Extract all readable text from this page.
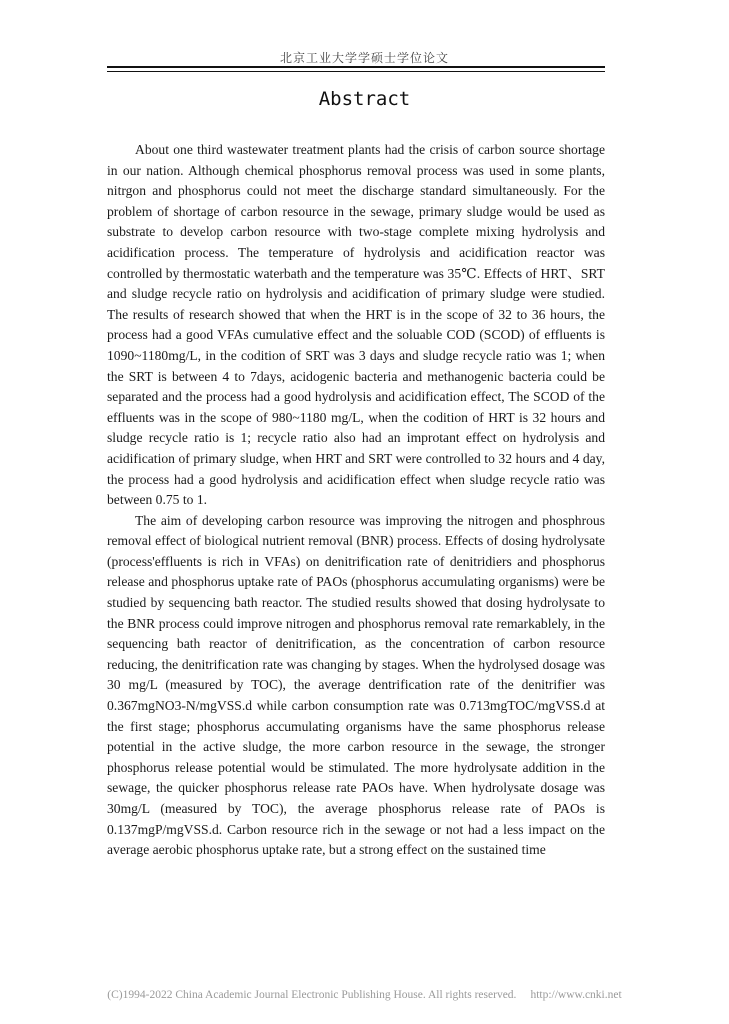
北京工业大学学硕士学位论文
Abstract

About one third wastewater treatment plants had the crisis of carbon source shortage in our nation. Although chemical phosphorus removal process was used in some plants, nitrgon and phosphorus could not meet the discharge standard simultaneously. For the problem of shortage of carbon resource in the sewage, primary sludge would be used as substrate to develop carbon resource with two-stage complete mixing hydrolysis and acidification process. The temperature of hydrolysis and acidification reactor was controlled by thermostatic waterbath and the temperature was 35℃. Effects of HRT、SRT and sludge recycle ratio on hydrolysis and acidification of primary sludge were studied. The results of research showed that when the HRT is in the scope of 32 to 36 hours, the process had a good VFAs cumulative effect and the soluable COD (SCOD) of effluents is 1090~1180mg/L, in the codition of SRT was 3 days and sludge recycle ratio was 1; when the SRT is between 4 to 7days, acidogenic bacteria and methanogenic bacteria could be separated and the process had a good hydrolysis and acidification effect, The SCOD of the effluents was in the scope of 980~1180 mg/L, when the codition of HRT is 32 hours and sludge recycle ratio is 1; recycle ratio also had an improtant effect on hydrolysis and acidification of primary sludge, when HRT and SRT were controlled to 32 hours and 4 day, the process had a good hydrolysis and acidification effect when sludge recycle ratio was between 0.75 to 1.

The aim of developing carbon resource was improving the nitrogen and phosphrous removal effect of biological nutrient removal (BNR) process. Effects of dosing hydrolysate (process'effluents is rich in VFAs) on denitrification rate of denitridiers and phosphorus release and phosphorus uptake rate of PAOs (phosphorus accumulating organisms) were be studied by sequencing bath reactor. The studied results showed that dosing hydrolysate to the BNR process could improve nitrogen and phosphorus removal rate remarkablely, in the sequencing bath reactor of denitrification, as the concentration of carbon resource reducing, the denitrification rate was changing by stages. When the hydrolysed dosage was 30 mg/L (measured by TOC), the average dentrification rate of the denitrifier was 0.367mgNO3-N/mgVSS.d while carbon consumption rate was 0.713mgTOC/mgVSS.d at the first stage; phosphorus accumulating organisms have the same phosphorus release potential in the active sludge, the more carbon resource in the sewage, the stronger phosphorus release potential would be stimulated. The more hydrolysate addition in the sewage, the quicker phosphorus release rate PAOs have. When hydrolysate dosage was 30mg/L (measured by TOC), the average phosphorus release rate of PAOs is 0.137mgP/mgVSS.d. Carbon resource rich in the sewage or not had a less impact on the average aerobic phosphorus uptake rate, but a strong effect on the sustained time

(C)1994-2022 China Academic Journal Electronic Publishing House. All rights reserved. http://www.cnki.net
